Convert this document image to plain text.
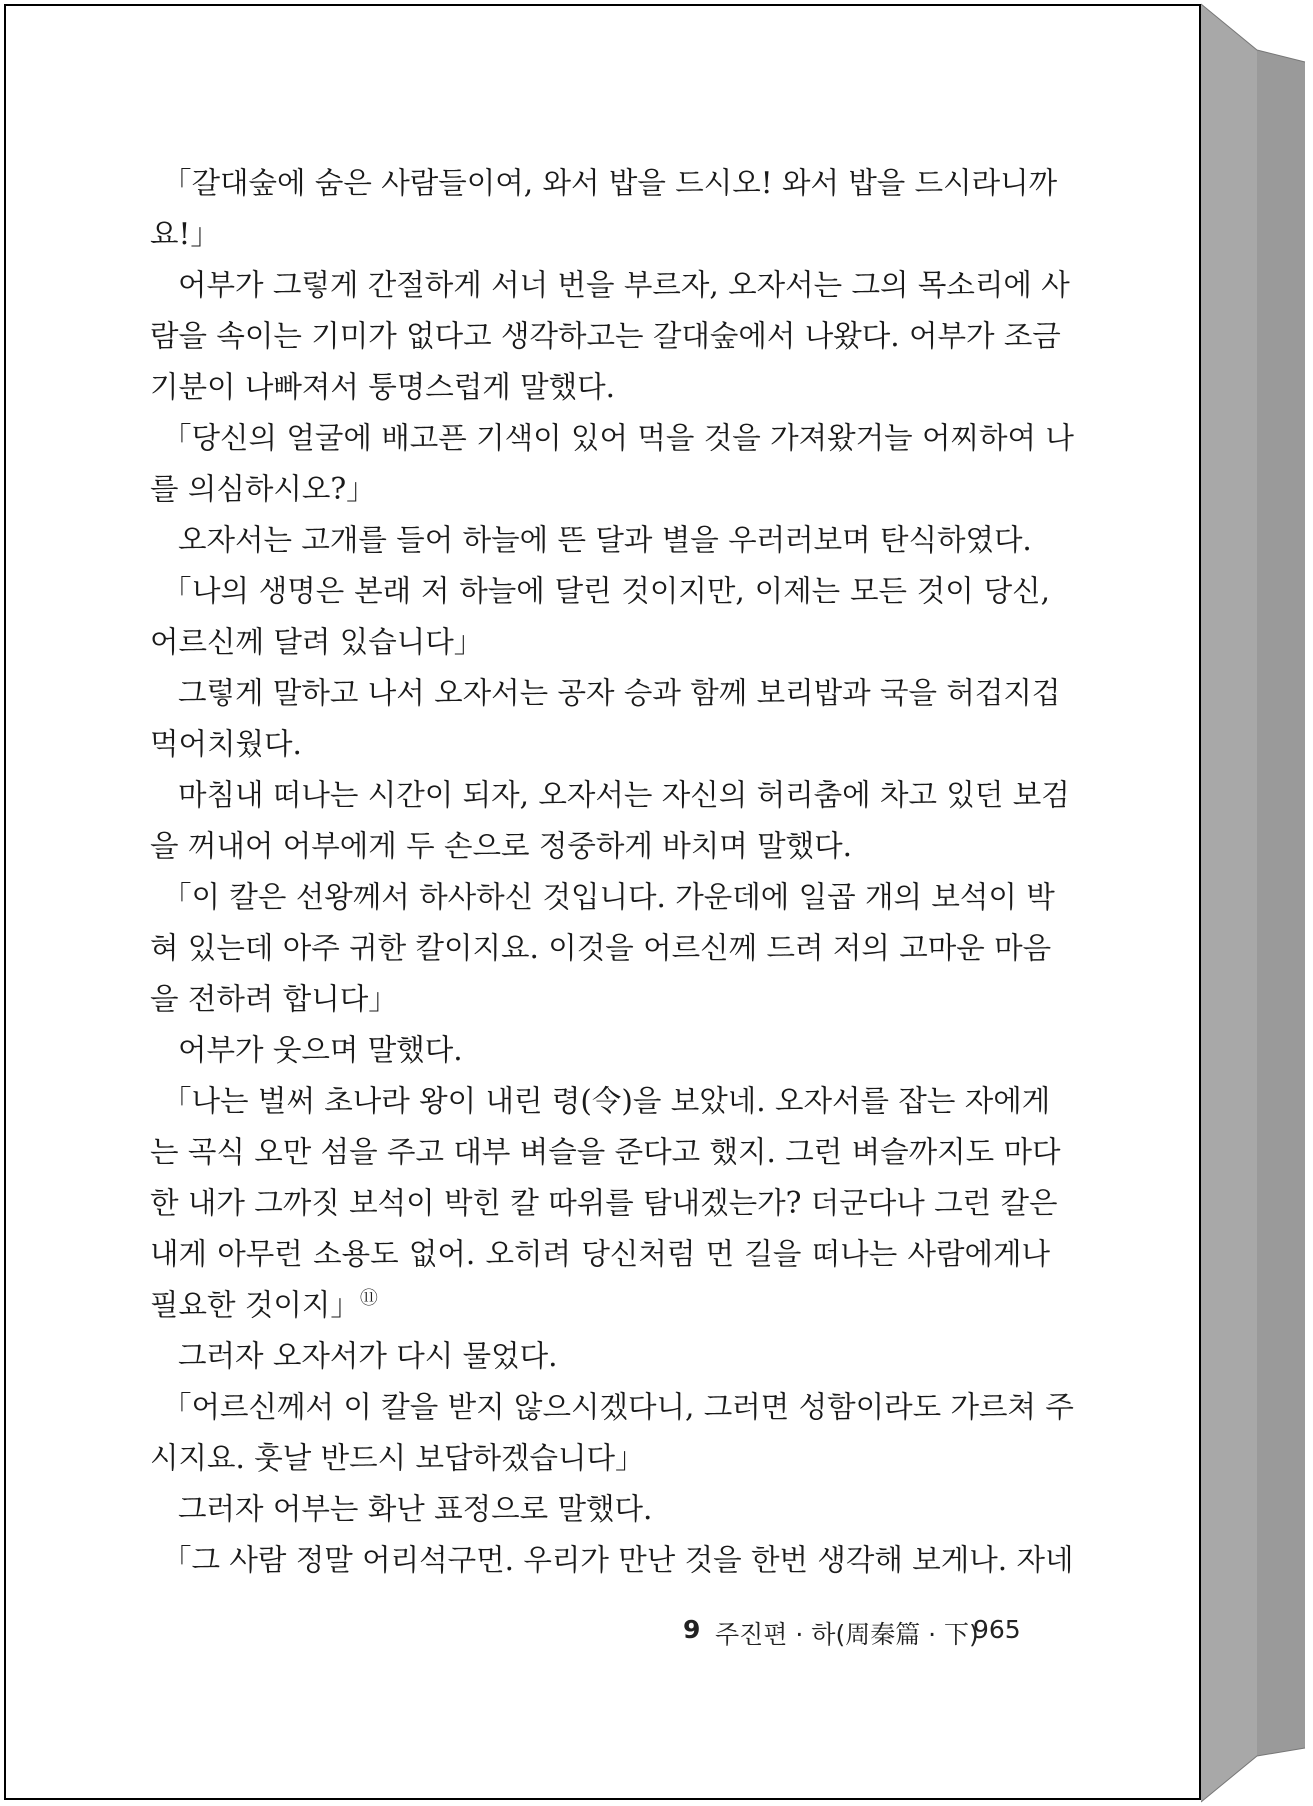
「갈대숲에 숨은 사람들이여, 와서 밥을 드시오! 와서 밥을 드시라니까
요!」
어부가 그렇게 간절하게 서너 번을 부르자, 오자서는 그의 목소리에 사
람을 속이는 기미가 없다고 생각하고는 갈대숲에서 나왔다. 어부가 조금
기분이 나빠져서 퉁명스럽게 말했다.
「당신의 얼굴에 배고픈 기색이 있어 먹을 것을 가져왔거늘 어찌하여 나
를 의심하시오?」
오자서는 고개를 들어 하늘에 뜬 달과 별을 우러러보며 탄식하였다.
「나의 생명은 본래 저 하늘에 달린 것이지만, 이제는 모든 것이 당신,
어르신께 달려 있습니다」
그렇게 말하고 나서 오자서는 공자 승과 함께 보리밥과 국을 허겁지겁
먹어치웠다.
마침내 떠나는 시간이 되자, 오자서는 자신의 허리춤에 차고 있던 보검
을 꺼내어 어부에게 두 손으로 정중하게 바치며 말했다.
「이 칼은 선왕께서 하사하신 것입니다. 가운데에 일곱 개의 보석이 박
혀 있는데 아주 귀한 칼이지요. 이것을 어르신께 드려 저의 고마운 마음
을 전하려 합니다」
어부가 웃으며 말했다.
「나는 벌써 초나라 왕이 내린 령(令)을 보았네. 오자서를 잡는 자에게
는 곡식 오만 섬을 주고 대부 벼슬을 준다고 했지. 그런 벼슬까지도 마다
한 내가 그까짓 보석이 박힌 칼 따위를 탐내겠는가? 더군다나 그런 칼은
내게 아무런 소용도 없어. 오히려 당신처럼 먼 길을 떠나는 사람에게나
필요한 것이지」⑪
그러자 오자서가 다시 물었다.
「어르신께서 이 칼을 받지 않으시겠다니, 그러면 성함이라도 가르쳐 주
시지요. 훗날 반드시 보답하겠습니다」
그러자 어부는 화난 표정으로 말했다.
「그 사람 정말 어리석구먼. 우리가 만난 것을 한번 생각해 보게나. 자네
9 주진편 · 하(周秦篇 · 下)
965
